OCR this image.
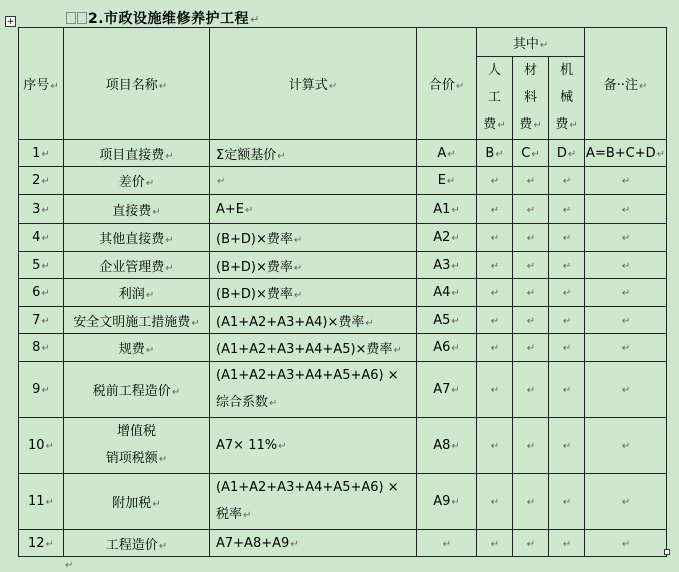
+	2.市政设施维修养护工程↵
序号↵	项目名称↵	计算式↵	合价↵	其中↵			备··注↵

				人
工
费↵	材
料
费↵	机
械
费↵	

1↵	项目直接费↵	Σ定额基价↵	A↵	B↵	C↵	D↵	A=B+C+D↵
2↵	差价↵	↵	E↵	↵	↵	↵	↵
3↵	直接费↵	A+E↵	A1↵	↵	↵	↵	↵
4↵	其他直接费↵	(B+D)×费率↵	A2↵	↵	↵	↵	↵
5↵	企业管理费↵	(B+D)×费率↵	A3↵	↵	↵	↵	↵
6↵	利润↵	(B+D)×费率↵	A4↵	↵	↵	↵	↵
7↵	安全文明施工措施费↵	(A1+A2+A3+A4)×费率↵	A5↵	↵	↵	↵	↵
8↵	规费↵	(A1+A2+A3+A4+A5)×费率↵	A6↵	↵	↵	↵	↵
9↵	税前工程造价↵	(A1+A2+A3+A4+A5+A6) × 综合系数↵	A7↵	↵	↵	↵	↵
10↵	增值税
销项税额↵	A7× 11%↵	A8↵	↵	↵	↵	↵
11↵	附加税↵	(A1+A2+A3+A4+A5+A6) × 税率↵	A9↵	↵	↵	↵	↵
12↵	工程造价↵	A7+A8+A9↵	↵	↵	↵	↵	↵
↵
